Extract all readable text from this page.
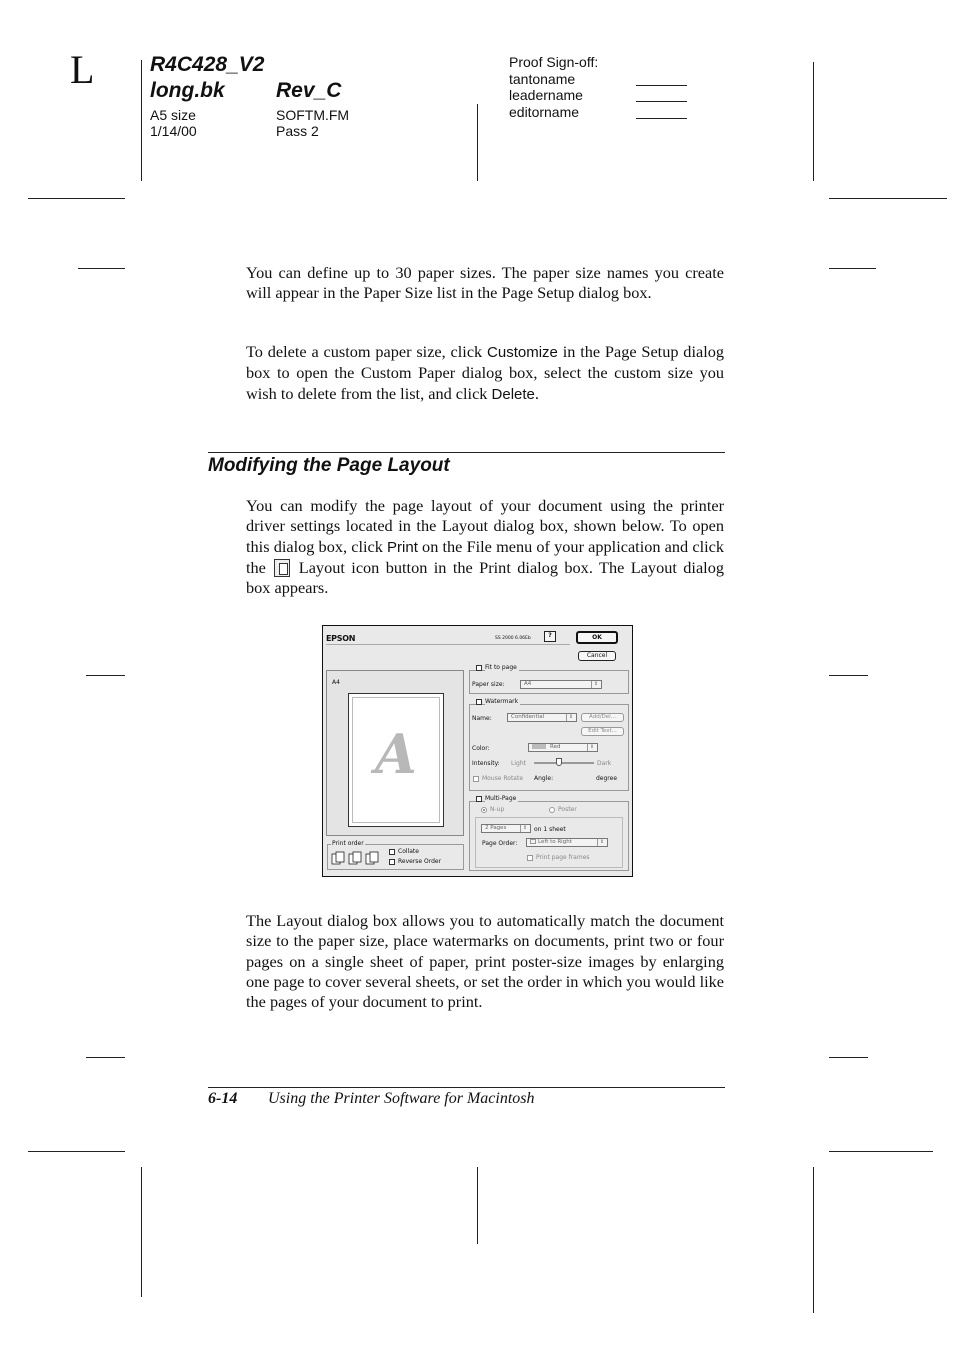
L	R4C428_V2
long.bk Rev_C
A5 size
1/14/00
SOFTM.FM
Pass 2
Proof Sign-off:
tantoname
leadername
editorname

You can define up to 30 paper sizes. The paper size names you create will appear in the Paper Size list in the Page Setup dialog box.

To delete a custom paper size, click Customize in the Page Setup dialog box to open the Custom Paper dialog box, select the custom size you wish to delete from the list, and click Delete.

Modifying the Page Layout

You can modify the page layout of your document using the printer driver settings located in the Layout dialog box, shown below. To open this dialog box, click Print on the File menu of your application and click the  Layout icon button in the Print dialog box. The Layout dialog box appears.

EPSON	SS 2000 6.06Eb	?	OK
Cancel
A4
A
Print order
Collate
Reverse Order
Fit to page
Paper size:	A4	⇕
Watermark
Name:	Confidential	⇕	Add/Del...
Edit Text...
Color:	Red	⇕
Intensity: Light	Dark
Mouse Rotate Angle:	degree
Multi-Page
N-up	Poster
2 Pages	⇕	on 1 sheet
Page Order:	Left to Right	⇕
Print page frames

The Layout dialog box allows you to automatically match the document size to the paper size, place watermarks on documents, print two or four pages on a single sheet of paper, print poster-size images by enlarging one page to cover several sheets, or set the order in which you would like the pages of your document to print.

6-14 Using the Printer Software for Macintosh
